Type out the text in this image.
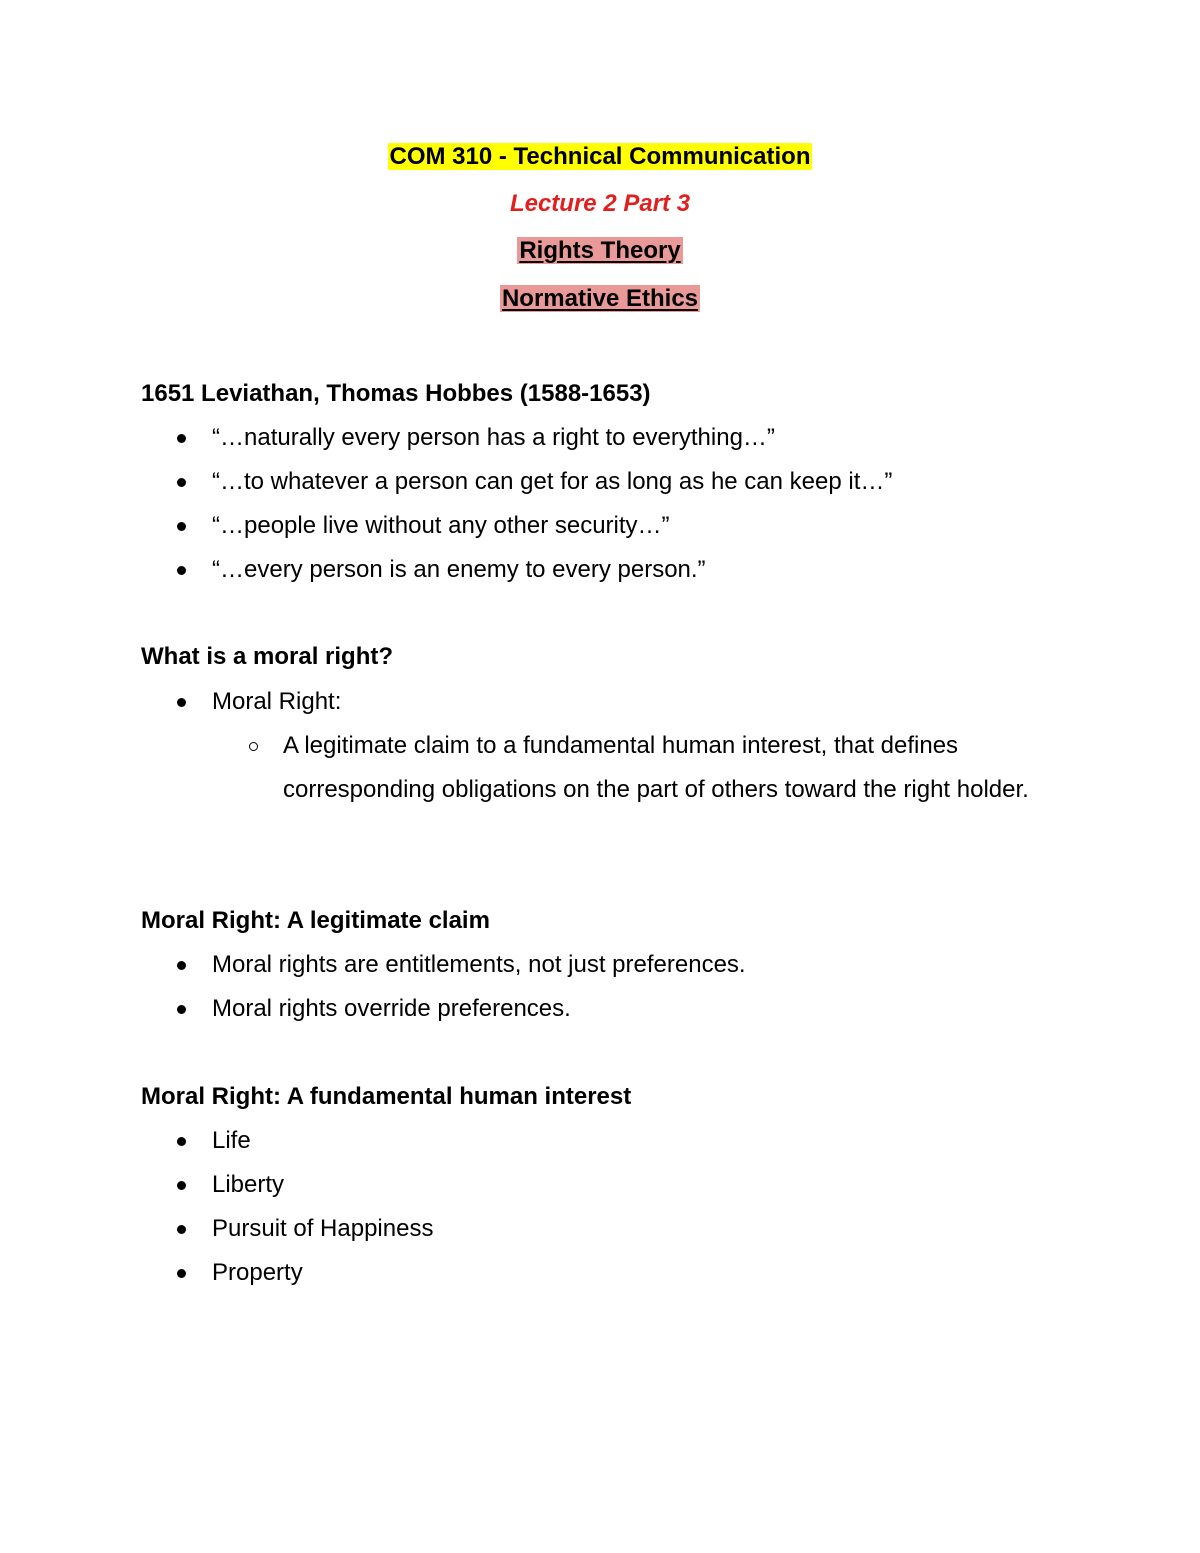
COM 310 - Technical Communication
Lecture 2 Part 3
Rights Theory
Normative Ethics
1651 Leviathan, Thomas Hobbes (1588-1653)
“…naturally every person has a right to everything…”
“…to whatever a person can get for as long as he can keep it…”
“…people live without any other security…”
“…every person is an enemy to every person.”
What is a moral right?
Moral Right:
A legitimate claim to a fundamental human interest, that defines corresponding obligations on the part of others toward the right holder.
Moral Right: A legitimate claim
Moral rights are entitlements, not just preferences.
Moral rights override preferences.
Moral Right: A fundamental human interest
Life
Liberty
Pursuit of Happiness
Property
